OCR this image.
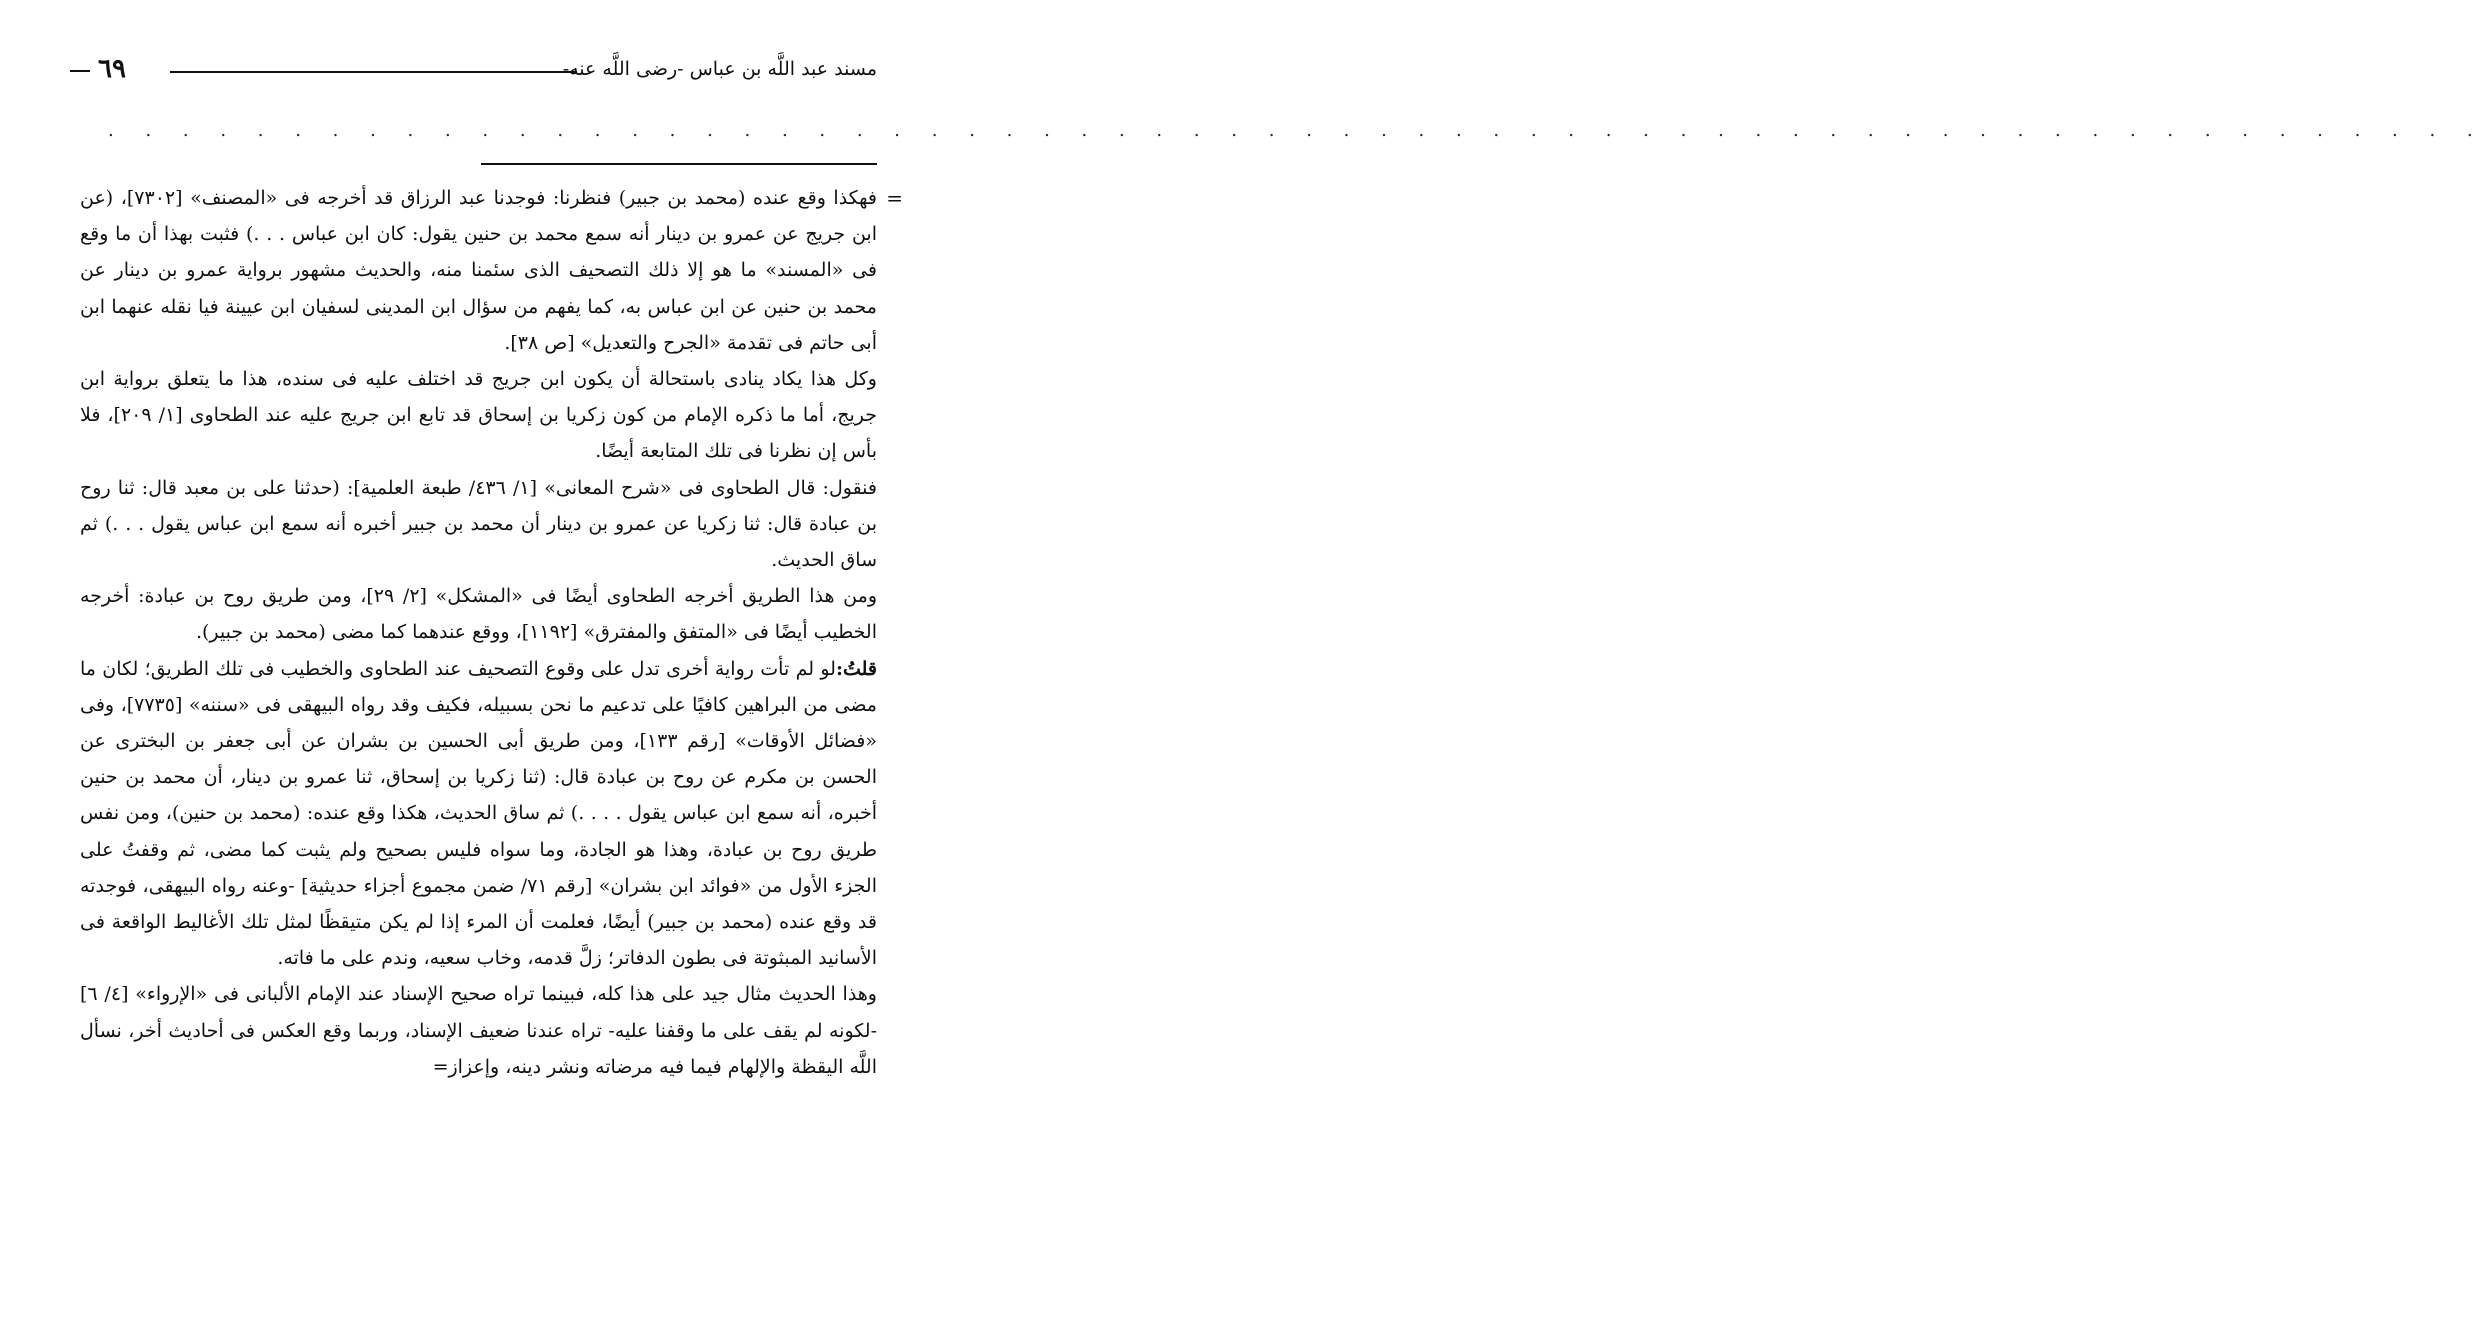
مسند عبد اللَّه بن عباس -رضى اللَّه عنه-
٦٩
. . . . . . . . . . . . . . . . . . . . . . . . . . . . . . . . . . . . . . . . . . . . . . . . . . . . . . . . . . . . . . . .
=

فهكذا وقع عنده (محمد بن جبير) فنظرنا: فوجدنا عبد الرزاق قد أخرجه فى «المصنف» [٧٣٠٢]، (عن ابن جريج عن عمرو بن دينار أنه سمع محمد بن حنين يقول: كان ابن عباس . . .) فثبت بهذا أن ما وقع فى «المسند» ما هو إلا ذلك التصحيف الذى سئمنا منه، والحديث مشهور برواية عمرو بن دينار عن محمد بن حنين عن ابن عباس به، كما يفهم من سؤال ابن المدينى لسفيان ابن عيينة فيا نقله عنهما ابن أبى حاتم فى تقدمة «الجرح والتعديل» [ص ٣٨].

وكل هذا يكاد ينادى باستحالة أن يكون ابن جريج قد اختلف عليه فى سنده، هذا ما يتعلق برواية ابن جريج، أما ما ذكره الإمام من كون زكريا بن إسحاق قد تابع ابن جريج عليه عند الطحاوى [١/ ٢٠٩]، فلا بأس إن نظرنا فى تلك المتابعة أيضًا.

فنقول: قال الطحاوى فى «شرح المعانى» [١/ ٤٣٦/ طبعة العلمية]: (حدثنا على بن معبد قال: ثنا روح بن عبادة قال: ثنا زكريا عن عمرو بن دينار أن محمد بن جبير أخبره أنه سمع ابن عباس يقول . . .) ثم ساق الحديث.

ومن هذا الطريق أخرجه الطحاوى أيضًا فى «المشكل» [٢/ ٢٩]، ومن طريق روح بن عبادة: أخرجه الخطيب أيضًا فى «المتفق والمفترق» [١١٩٢]، ووقع عندهما كما مضى (محمد بن جبير).

قلتُ:لو لم تأت رواية أخرى تدل على وقوع التصحيف عند الطحاوى والخطيب فى تلك الطريق؛ لكان ما مضى من البراهين كافيًا على تدعيم ما نحن بسبيله، فكيف وقد رواه البيهقى فى «سننه» [٧٧٣٥]، وفى «فضائل الأوقات» [رقم ١٣٣]، ومن طريق أبى الحسين بن بشران عن أبى جعفر بن البخترى عن الحسن بن مكرم عن روح بن عبادة قال: (ثنا زكريا بن إسحاق، ثنا عمرو بن دينار، أن محمد بن حنين أخبره، أنه سمع ابن عباس يقول . . . .) ثم ساق الحديث، هكذا وقع عنده: (محمد بن حنين)، ومن نفس طريق روح بن عبادة، وهذا هو الجادة، وما سواه فليس بصحيح ولم يثبت كما مضى، ثم وقفتُ على الجزء الأول من «فوائد ابن بشران» [رقم ٧١/ ضمن مجموع أجزاء حديثية] -وعنه رواه البيهقى، فوجدته قد وقع عنده (محمد بن جبير) أيضًا، فعلمت أن المرء إذا لم يكن متيقظًا لمثل تلك الأغاليط الواقعة فى الأسانيد المبثوتة فى بطون الدفاتر؛ زلَّ قدمه، وخاب سعيه، وندم على ما فاته.

وهذا الحديث مثال جيد على هذا كله، فبينما تراه صحيح الإسناد عند الإمام الألبانى فى «الإرواء» [٤/ ٦] -لكونه لم يقف على ما وقفنا عليه- تراه عندنا ضعيف الإسناد، وربما وقع العكس فى أحاديث أخر، نسأل اللَّه اليقظة والإلهام فيما فيه مرضاته ونشر دينه، وإعزاز=
